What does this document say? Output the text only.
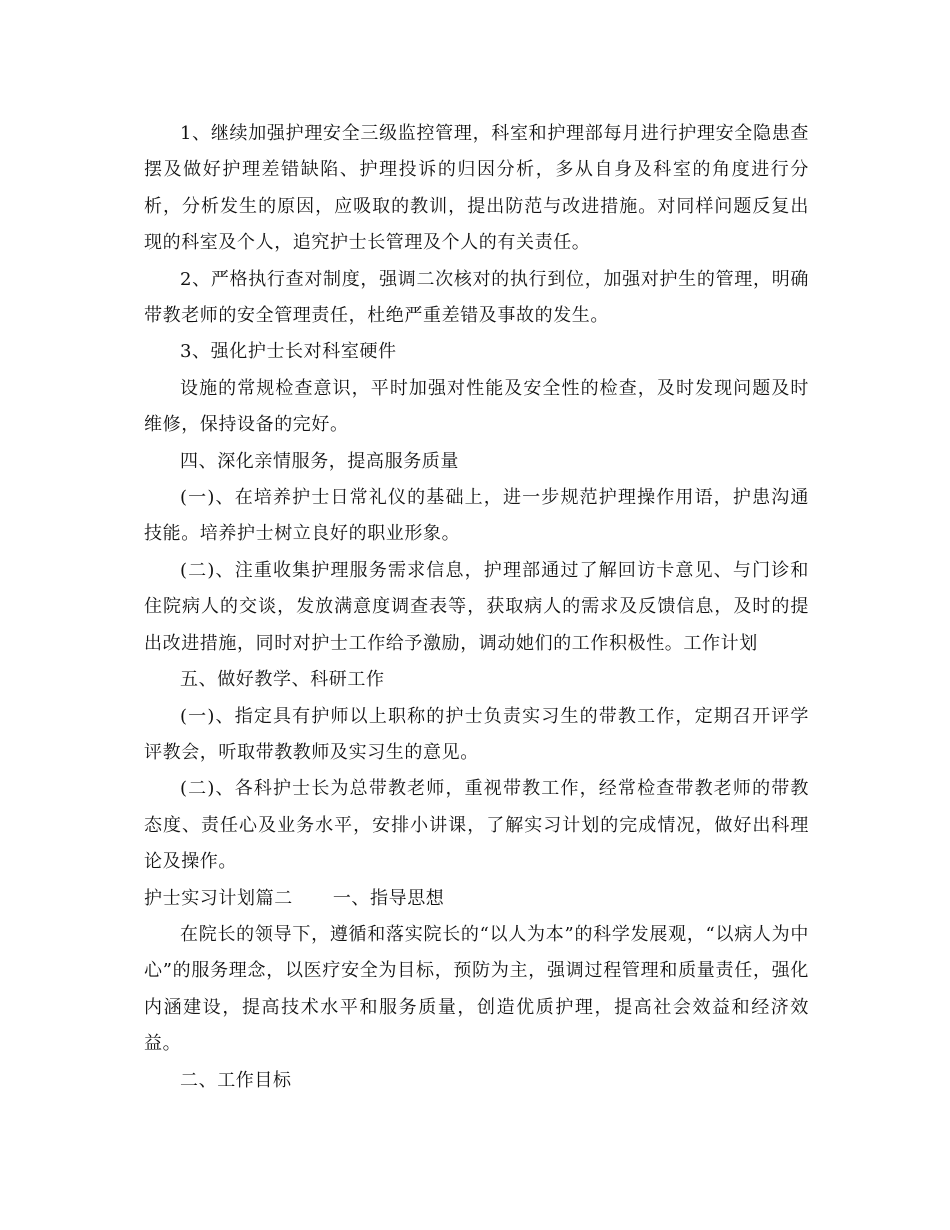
1、继续加强护理安全三级监控管理，科室和护理部每月进行护理安全隐患查摆及做好护理差错缺陷、护理投诉的归因分析，多从自身及科室的角度进行分析，分析发生的原因，应吸取的教训，提出防范与改进措施。对同样问题反复出现的科室及个人，追究护士长管理及个人的有关责任。

2、严格执行查对制度，强调二次核对的执行到位，加强对护生的管理，明确带教老师的安全管理责任，杜绝严重差错及事故的发生。

3、强化护士长对科室硬件

设施的常规检查意识，平时加强对性能及安全性的检查，及时发现问题及时维修，保持设备的完好。

四、深化亲情服务，提高服务质量

(一)、在培养护士日常礼仪的基础上，进一步规范护理操作用语，护患沟通技能。培养护士树立良好的职业形象。

(二)、注重收集护理服务需求信息，护理部通过了解回访卡意见、与门诊和住院病人的交谈，发放满意度调查表等，获取病人的需求及反馈信息，及时的提出改进措施，同时对护士工作给予激励，调动她们的工作积极性。工作计划

五、做好教学、科研工作

(一)、指定具有护师以上职称的护士负责实习生的带教工作，定期召开评学评教会，听取带教教师及实习生的意见。

(二)、各科护士长为总带教老师，重视带教工作，经常检查带教老师的带教态度、责任心及业务水平，安排小讲课，了解实习计划的完成情况，做好出科理论及操作。

护士实习计划篇二 一、指导思想

在院长的领导下，遵循和落实院长的“以人为本”的科学发展观，“以病人为中心”的服务理念，以医疗安全为目标，预防为主，强调过程管理和质量责任，强化内涵建设，提高技术水平和服务质量，创造优质护理，提高社会效益和经济效益。

二、工作目标
